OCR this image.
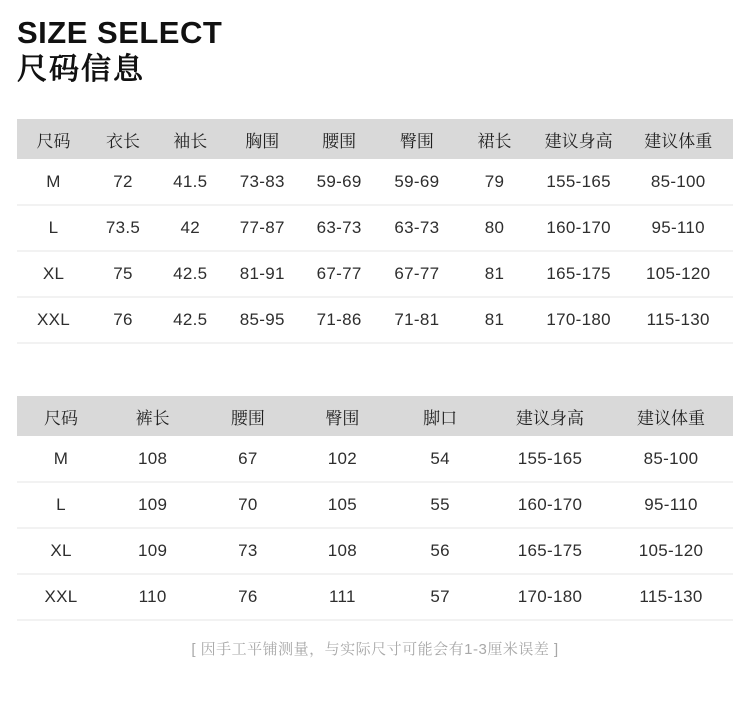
SIZE SELECT
尺码信息
尺码	衣长	袖长	胸围	腰围	臀围	裙长	建议身高	建议体重
M	72	41.5	73-83	59-69	59-69	79	155-165	85-100
L	73.5	42	77-87	63-73	63-73	80	160-170	95-110
XL	75	42.5	81-91	67-77	67-77	81	165-175	105-120
XXL	76	42.5	85-95	71-86	71-81	81	170-180	115-130
尺码	裤长	腰围	臀围	脚口	建议身高	建议体重
M	108	67	102	54	155-165	85-100
L	109	70	105	55	160-170	95-110
XL	109	73	108	56	165-175	105-120
XXL	110	76	111	57	170-180	115-130
[ 因手工平铺测量，与实际尺寸可能会有1-3厘米误差 ]
